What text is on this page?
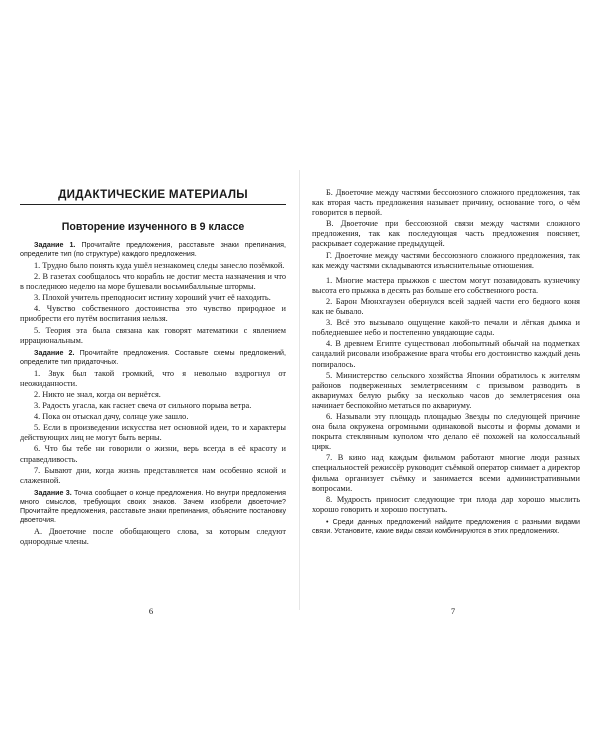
ДИДАКТИЧЕСКИЕ МАТЕРИАЛЫ
Повторение изученного в 9 классе

Задание 1. Прочитайте предложения, расставьте знаки препинания, определите тип (по структуре) каждого предложения.

1. Трудно было понять куда ушёл незнакомец следы занесло позёмкой.

2. В газетах сообщалось что корабль не достиг места назначения и что в последнюю неделю на море бушевали восьмибалльные штормы.

3. Плохой учитель преподносит истину хороший учит её находить.

4. Чувство собственного достоинства это чувство природное и приобрести его путём воспитания нельзя.

5. Теория эта была связана как говорят математики с явлением иррациональным.

Задание 2. Прочитайте предложения. Составьте схемы предложений, определите тип придаточных.

1. Звук был такой громкий, что я невольно вздрогнул от неожиданности.

2. Никто не знал, когда он вернётся.

3. Радость угасла, как гаснет свеча от сильного порыва ветра.

4. Пока он отыскал дачу, солнце уже зашло.

5. Если в произведении искусства нет основной идеи, то и характеры действующих лиц не могут быть верны.

6. Что бы тебе ни говорили о жизни, верь всегда в её красоту и справедливость.

7. Бывают дни, когда жизнь представляется нам особенно ясной и слаженной.

Задание 3. Точка сообщает о конце предложения. Но внутри предложения много смыслов, требующих своих знаков. Зачем изобрели двоеточие? Прочитайте предложения, расставьте знаки препинания, объясните постановку двоеточия.

А. Двоеточие после обобщающего слова, за которым следуют однородные члены.

6

Б. Двоеточие между частями бессоюзного сложного предложения, так как вторая часть предложения называет причину, основание того, о чём говорится в первой.

В. Двоеточие при бессоюзной связи между частями сложного предложения, так как последующая часть предложения поясняет, раскрывает содержание предыдущей.

Г. Двоеточие между частями бессоюзного сложного предложения, так как между частями складываются изъяснительные отношения.

1. Многие мастера прыжков с шестом могут позавидовать кузнечику высота его прыжка в десять раз больше его собственного роста.

2. Барон Мюнхгаузен обернулся всей задней части его бедного коня как не бывало.

3. Всё это вызывало ощущение какой-то печали и лёгкая дымка и побледневшее небо и постепенно увядающие сады.

4. В древнем Египте существовал любопытный обычай на подметках сандалий рисовали изображение врага чтобы его достоинство каждый день попиралось.

5. Министерство сельского хозяйства Японии обратилось к жителям районов подверженных землетрясениям с призывом разводить в аквариумах белую рыбку за несколько часов до землетрясения она начинает беспокойно метаться по аквариуму.

6. Называли эту площадь площадью Звезды по следующей причине она была окружена огромными одинаковой высоты и формы домами и покрыта стеклянным куполом что делало её похожей на колоссальный цирк.

7. В кино над каждым фильмом работают многие люди разных специальностей режиссёр руководит съёмкой оператор снимает а директор фильма организует съёмку и занимается всеми административными вопросами.

8. Мудрость приносит следующие три плода дар хорошо мыслить хорошо говорить и хорошо поступать.

• Среди данных предложений найдите предложения с разными видами связи. Установите, какие виды связи комбинируются в этих предложениях.

7
